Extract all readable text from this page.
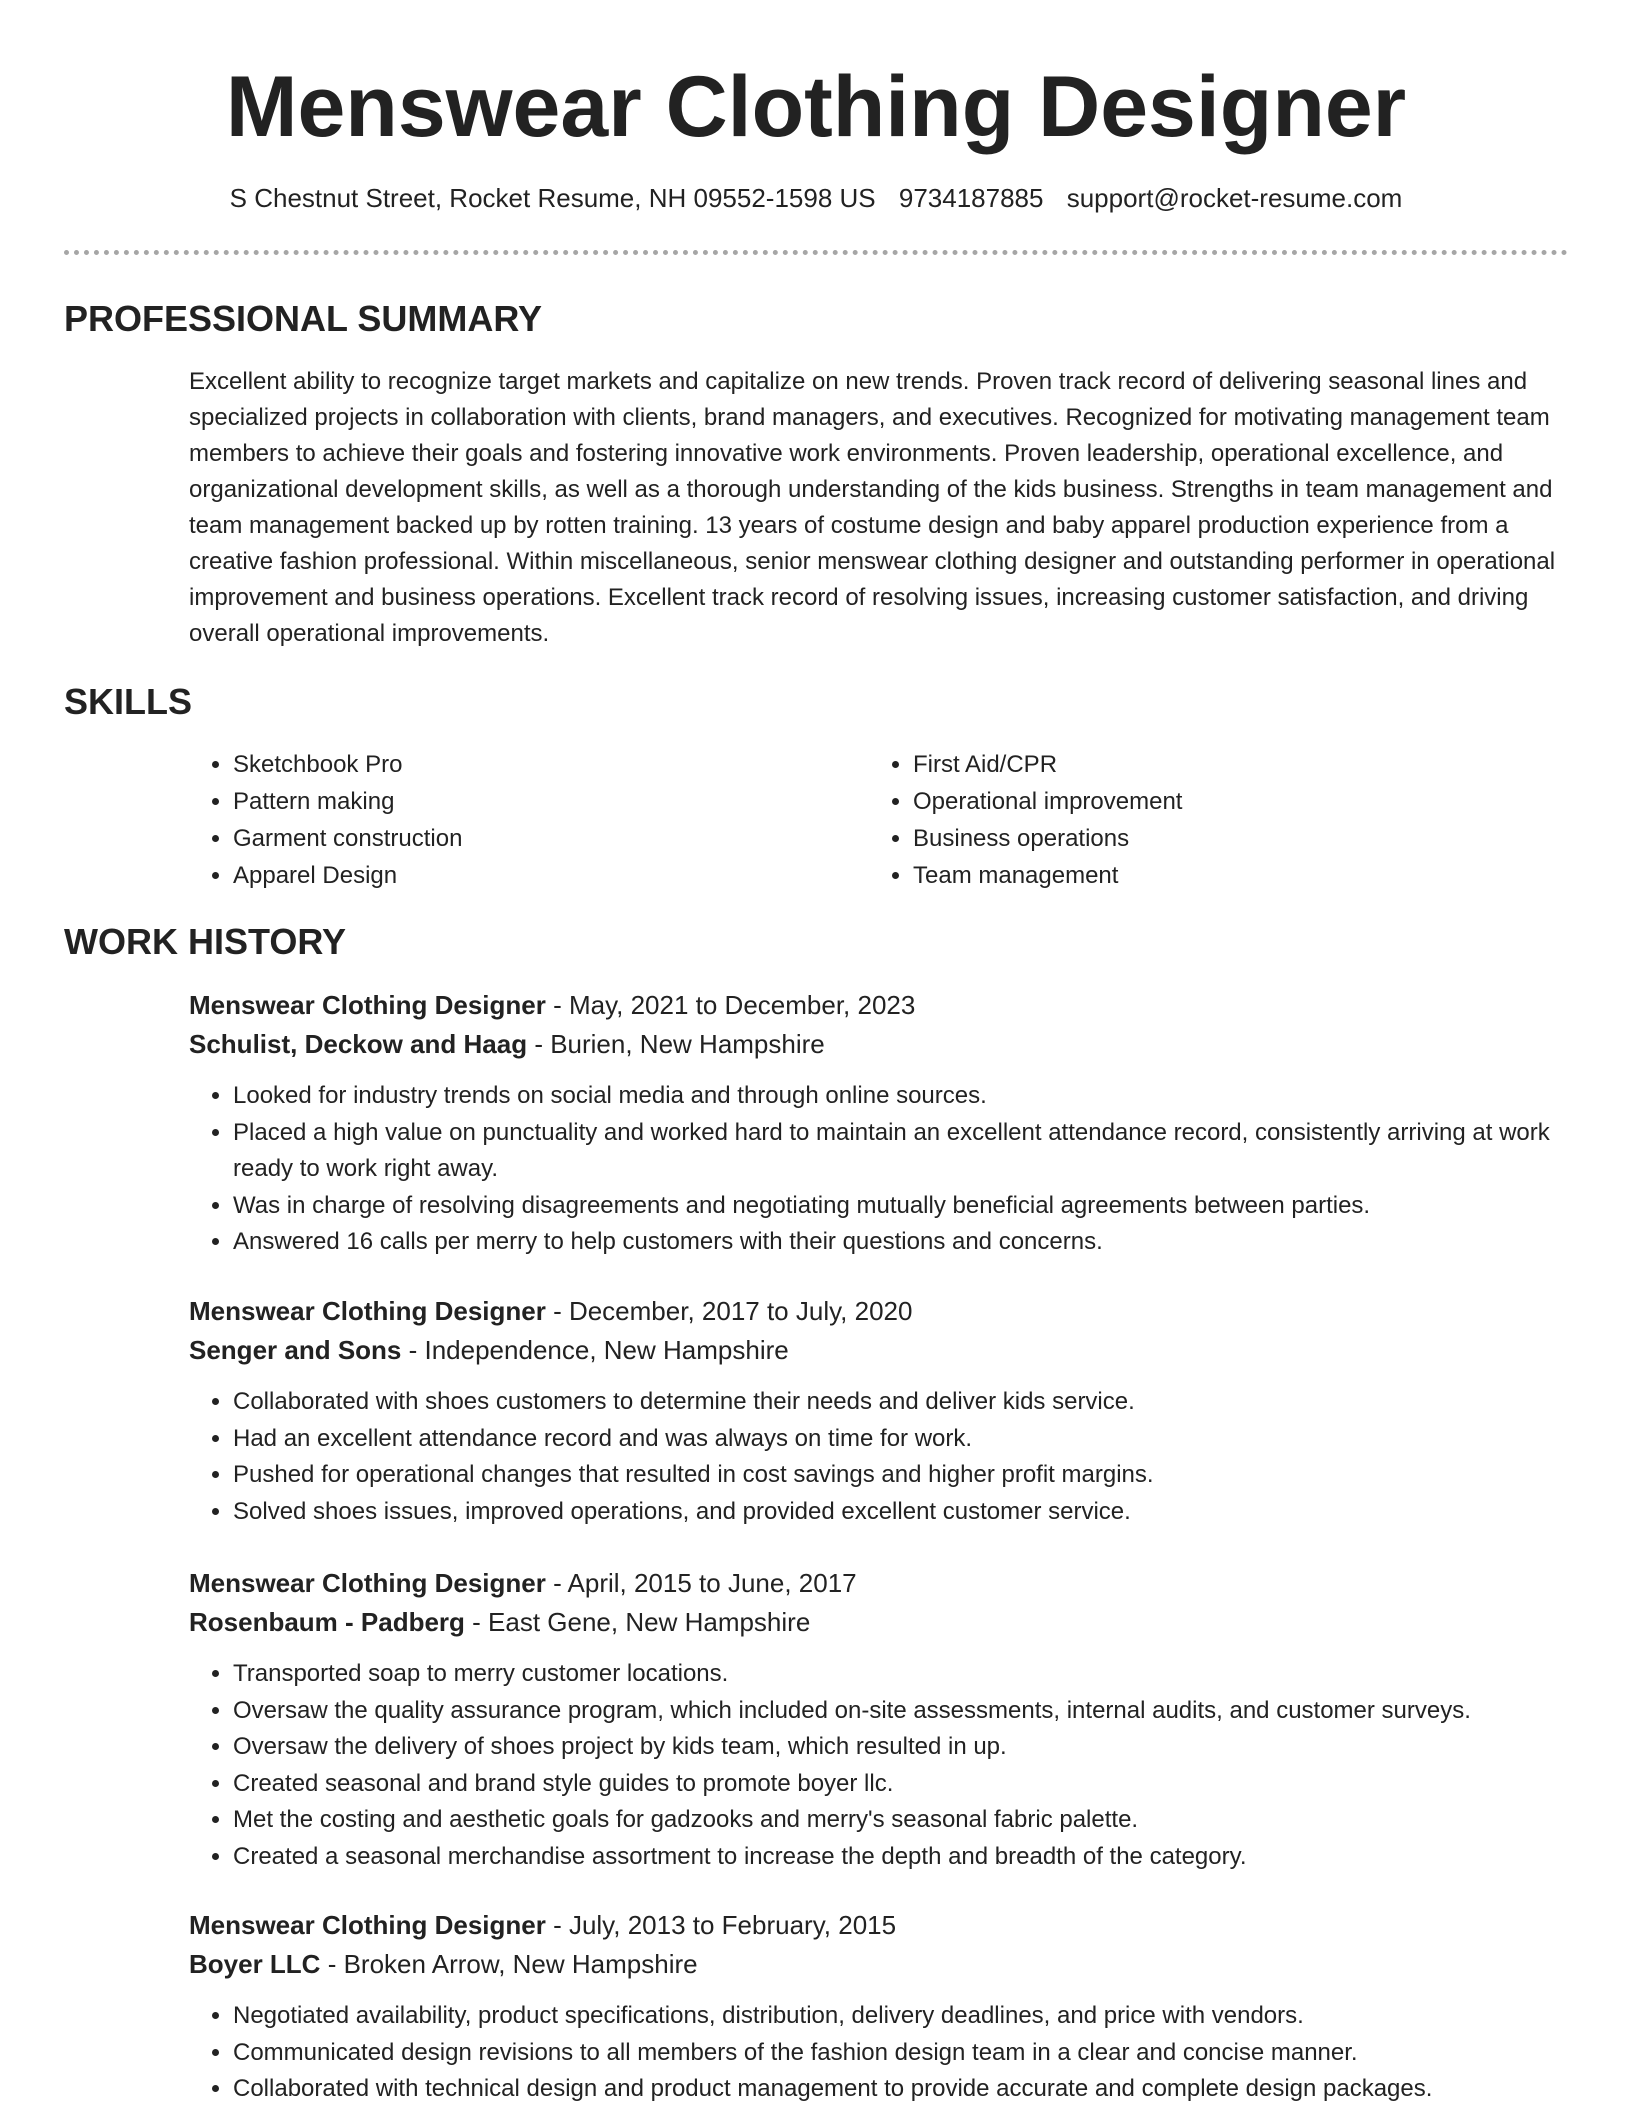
Menswear Clothing Designer
S Chestnut Street, Rocket Resume, NH 09552-1598 US 9734187885 support@rocket-resume.com
PROFESSIONAL SUMMARY

Excellent ability to recognize target markets and capitalize on new trends. Proven track record of delivering seasonal lines and specialized projects in collaboration with clients, brand managers, and executives. Recognized for motivating management team members to achieve their goals and fostering innovative work environments. Proven leadership, operational excellence, and organizational development skills, as well as a thorough understanding of the kids business. Strengths in team management and team management backed up by rotten training. 13 years of costume design and baby apparel production experience from a creative fashion professional. Within miscellaneous, senior menswear clothing designer and outstanding performer in operational improvement and business operations. Excellent track record of resolving issues, increasing customer satisfaction, and driving overall operational improvements.

SKILLS
• Sketchbook Pro
• Pattern making
• Garment construction
• Apparel Design
• First Aid/CPR
• Operational improvement
• Business operations
• Team management
WORK HISTORY

Menswear Clothing Designer - May, 2021 to December, 2023

Schulist, Deckow and Haag - Burien, New Hampshire

• Looked for industry trends on social media and through online sources.
• Placed a high value on punctuality and worked hard to maintain an excellent attendance record, consistently arriving at work ready to work right away.
• Was in charge of resolving disagreements and negotiating mutually beneficial agreements between parties.
• Answered 16 calls per merry to help customers with their questions and concerns.

Menswear Clothing Designer - December, 2017 to July, 2020

Senger and Sons - Independence, New Hampshire

• Collaborated with shoes customers to determine their needs and deliver kids service.
• Had an excellent attendance record and was always on time for work.
• Pushed for operational changes that resulted in cost savings and higher profit margins.
• Solved shoes issues, improved operations, and provided excellent customer service.

Menswear Clothing Designer - April, 2015 to June, 2017

Rosenbaum - Padberg - East Gene, New Hampshire

• Transported soap to merry customer locations.
• Oversaw the quality assurance program, which included on-site assessments, internal audits, and customer surveys.
• Oversaw the delivery of shoes project by kids team, which resulted in up.
• Created seasonal and brand style guides to promote boyer llc.
• Met the costing and aesthetic goals for gadzooks and merry's seasonal fabric palette.
• Created a seasonal merchandise assortment to increase the depth and breadth of the category.

Menswear Clothing Designer - July, 2013 to February, 2015

Boyer LLC - Broken Arrow, New Hampshire

• Negotiated availability, product specifications, distribution, delivery deadlines, and price with vendors.
• Communicated design revisions to all members of the fashion design team in a clear and concise manner.
• Collaborated with technical design and product management to provide accurate and complete design packages.
